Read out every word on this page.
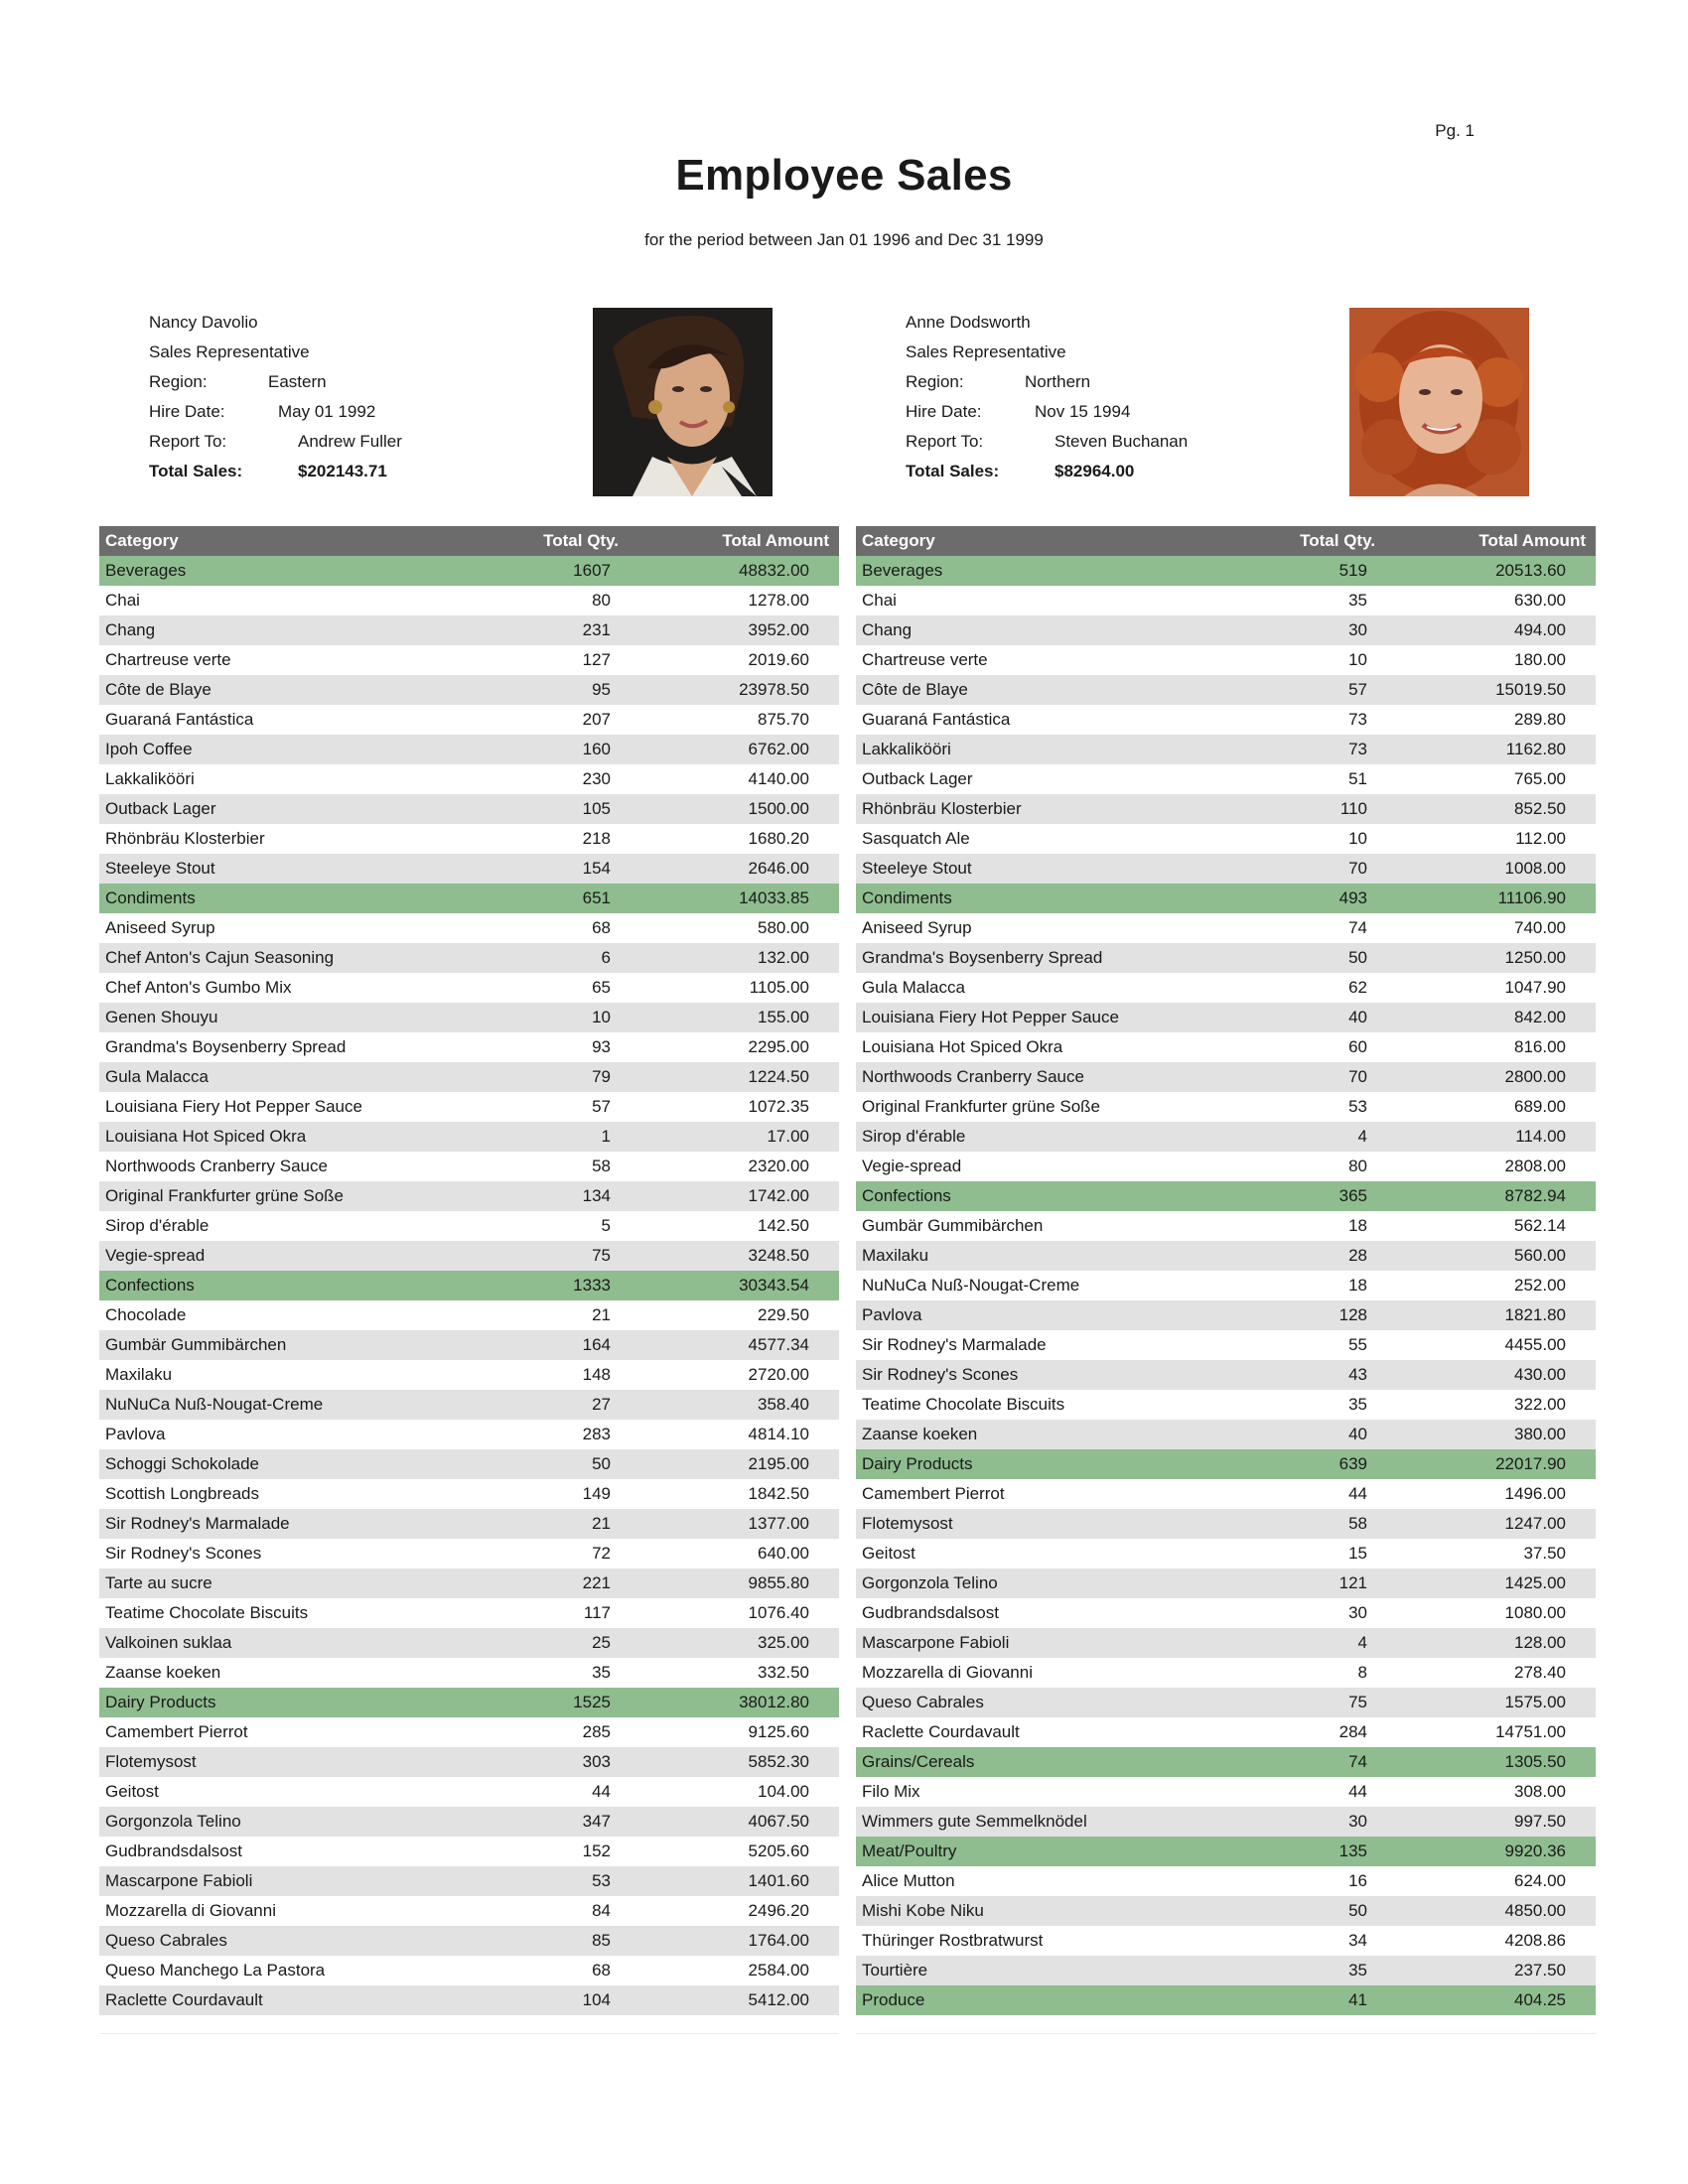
Pg. 1
Employee Sales
for the period between Jan 01 1996 and Dec 31 1999
Nancy Davolio
Sales Representative
Region:	Eastern
Hire Date:	May 01 1992
Report To:	Andrew Fuller
Total Sales:	$202143.71
Category	Total Qty.	Total Amount
Beverages	1607	48832.00
Chai	80	1278.00
Chang	231	3952.00
Chartreuse verte	127	2019.60
Côte de Blaye	95	23978.50
Guaraná Fantástica	207	875.70
Ipoh Coffee	160	6762.00
Lakkalikööri	230	4140.00
Outback Lager	105	1500.00
Rhönbräu Klosterbier	218	1680.20
Steeleye Stout	154	2646.00
Condiments	651	14033.85
Aniseed Syrup	68	580.00
Chef Anton's Cajun Seasoning	6	132.00
Chef Anton's Gumbo Mix	65	1105.00
Genen Shouyu	10	155.00
Grandma's Boysenberry Spread	93	2295.00
Gula Malacca	79	1224.50
Louisiana Fiery Hot Pepper Sauce	57	1072.35
Louisiana Hot Spiced Okra	1	17.00
Northwoods Cranberry Sauce	58	2320.00
Original Frankfurter grüne Soße	134	1742.00
Sirop d'érable	5	142.50
Vegie-spread	75	3248.50
Confections	1333	30343.54
Chocolade	21	229.50
Gumbär Gummibärchen	164	4577.34
Maxilaku	148	2720.00
NuNuCa Nuß-Nougat-Creme	27	358.40
Pavlova	283	4814.10
Schoggi Schokolade	50	2195.00
Scottish Longbreads	149	1842.50
Sir Rodney's Marmalade	21	1377.00
Sir Rodney's Scones	72	640.00
Tarte au sucre	221	9855.80
Teatime Chocolate Biscuits	117	1076.40
Valkoinen suklaa	25	325.00
Zaanse koeken	35	332.50
Dairy Products	1525	38012.80
Camembert Pierrot	285	9125.60
Flotemysost	303	5852.30
Geitost	44	104.00
Gorgonzola Telino	347	4067.50
Gudbrandsdalsost	152	5205.60
Mascarpone Fabioli	53	1401.60
Mozzarella di Giovanni	84	2496.20
Queso Cabrales	85	1764.00
Queso Manchego La Pastora	68	2584.00
Raclette Courdavault	104	5412.00
Anne Dodsworth
Sales Representative
Region:	Northern
Hire Date:	Nov 15 1994
Report To:	Steven Buchanan
Total Sales:	$82964.00
Category	Total Qty.	Total Amount
Beverages	519	20513.60
Chai	35	630.00
Chang	30	494.00
Chartreuse verte	10	180.00
Côte de Blaye	57	15019.50
Guaraná Fantástica	73	289.80
Lakkalikööri	73	1162.80
Outback Lager	51	765.00
Rhönbräu Klosterbier	110	852.50
Sasquatch Ale	10	112.00
Steeleye Stout	70	1008.00
Condiments	493	11106.90
Aniseed Syrup	74	740.00
Grandma's Boysenberry Spread	50	1250.00
Gula Malacca	62	1047.90
Louisiana Fiery Hot Pepper Sauce	40	842.00
Louisiana Hot Spiced Okra	60	816.00
Northwoods Cranberry Sauce	70	2800.00
Original Frankfurter grüne Soße	53	689.00
Sirop d'érable	4	114.00
Vegie-spread	80	2808.00
Confections	365	8782.94
Gumbär Gummibärchen	18	562.14
Maxilaku	28	560.00
NuNuCa Nuß-Nougat-Creme	18	252.00
Pavlova	128	1821.80
Sir Rodney's Marmalade	55	4455.00
Sir Rodney's Scones	43	430.00
Teatime Chocolate Biscuits	35	322.00
Zaanse koeken	40	380.00
Dairy Products	639	22017.90
Camembert Pierrot	44	1496.00
Flotemysost	58	1247.00
Geitost	15	37.50
Gorgonzola Telino	121	1425.00
Gudbrandsdalsost	30	1080.00
Mascarpone Fabioli	4	128.00
Mozzarella di Giovanni	8	278.40
Queso Cabrales	75	1575.00
Raclette Courdavault	284	14751.00
Grains/Cereals	74	1305.50
Filo Mix	44	308.00
Wimmers gute Semmelknödel	30	997.50
Meat/Poultry	135	9920.36
Alice Mutton	16	624.00
Mishi Kobe Niku	50	4850.00
Thüringer Rostbratwurst	34	4208.86
Tourtière	35	237.50
Produce	41	404.25
